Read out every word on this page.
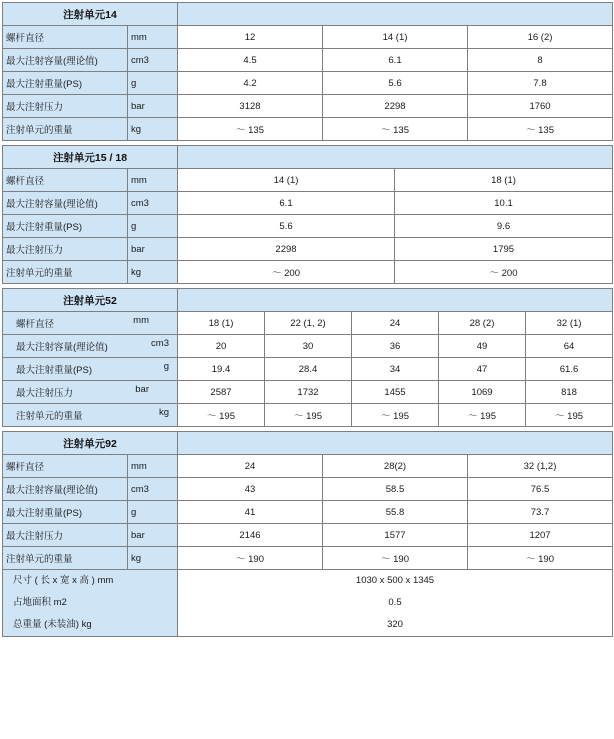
注射单元14				
螺杆直径	mm	12	14 (1)	16 (2)
最大注射容量(理论值)	cm3	4.5	6.1	8
最大注射重量(PS)	g	4.2	5.6	7.8
最大注射压力	bar	3128	2298	1760
注射单元的重量	kg	～ 135	～ 135	～ 135
注射单元15 / 18			
螺杆直径	mm	14 (1)	18 (1)
最大注射容量(理论值)	cm3	6.1	10.1
最大注射重量(PS)	g	5.6	9.6
最大注射压力	bar	2298	1795
注射单元的重量	kg	～ 200	～ 200
注射单元52					
螺杆直径 mm	18 (1)	22 (1, 2)	24	28 (2)	32 (1)
最大注射容量(理论值) cm3	20	30	36	49	64
最大注射重量(PS) g	19.4	28.4	34	47	61.6
最大注射压力 bar	2587	1732	1455	1069	818
注射单元的重量 kg	～ 195	～ 195	～ 195	～ 195	～ 195
注射单元92				
螺杆直径	mm	24	28(2)	32 (1,2)
最大注射容量(理论值)	cm3	43	58.5	76.5
最大注射重量(PS)	g	41	55.8	73.7
最大注射压力	bar	2146	1577	1207
注射单元的重量	kg	～ 190	～ 190	～ 190
尺寸 ( 长 x 宽 x 高 ) mm		1030 x 500 x 1345		
占地面积 m2		0.5		
总重量 (未装油) kg		320		
